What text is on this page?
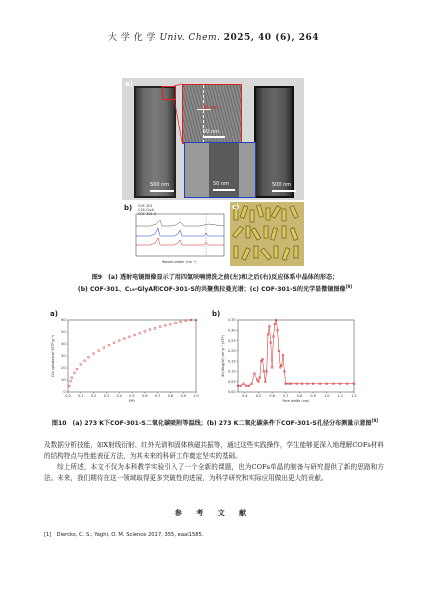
大 学 化 学 Univ. Chem. 2025, 40 (6), 264
a)
30 nm
50 nm
50 nm
500 nm	500 nm
b) COF-301
C16-GlyA
COF-301-S
Wavenumber (cm⁻¹)
c)
图9　(a) 透射电镜图像显示了用四氢呋喃清洗之前(左)和之后(右)反应体系中晶体的形态；
(b) COF-301、C₁₆-GlyA和COF-301-S的共聚焦拉曼光谱；(c) COF-301-S的光学显微镜图像[9]
a)	b)
0.0 0.1 0.2 0.3 0.4 0.5 0.6 0.7 0.8 0.9 1.0
0
10
20
30
40
50
60
P/P₀
CO₂ uptake(cm³(STP)g⁻¹)
0.4 0.5 0.6 0.7 0.8 0.9 1.0 1.1 1.2
0.00
0.05
0.10
0.15
0.20
0.25
0.30
0.35
Pore width (nm)
dV/dlog(W) cm³g⁻¹ (STP)
图10　(a) 273 K下COF-301-S二氧化碳吸附等温线；(b) 273 K二氧化碳条件下COF-301-S孔径分布测量示意图[9]
及数据分析技能，如X射线衍射、红外光谱和固体核磁共振等，通过这些实践操作，学生能够更深入地理解COFs材料的结构特点与性能表征方法，为其未来的科研工作奠定坚实的基础。
综上所述，本文不仅为本科教学实验引入了一个全新的课题，也为COFs单晶的制备与研究提供了新的思路和方法。未来，我们期待在这一领域取得更多突破性的进展，为科学研究和实际应用做出更大的贡献。
参 考 文 献
[1]　Diercks, C. S.; Yaghi, O. M. Science 2017, 355, eaal1585.
